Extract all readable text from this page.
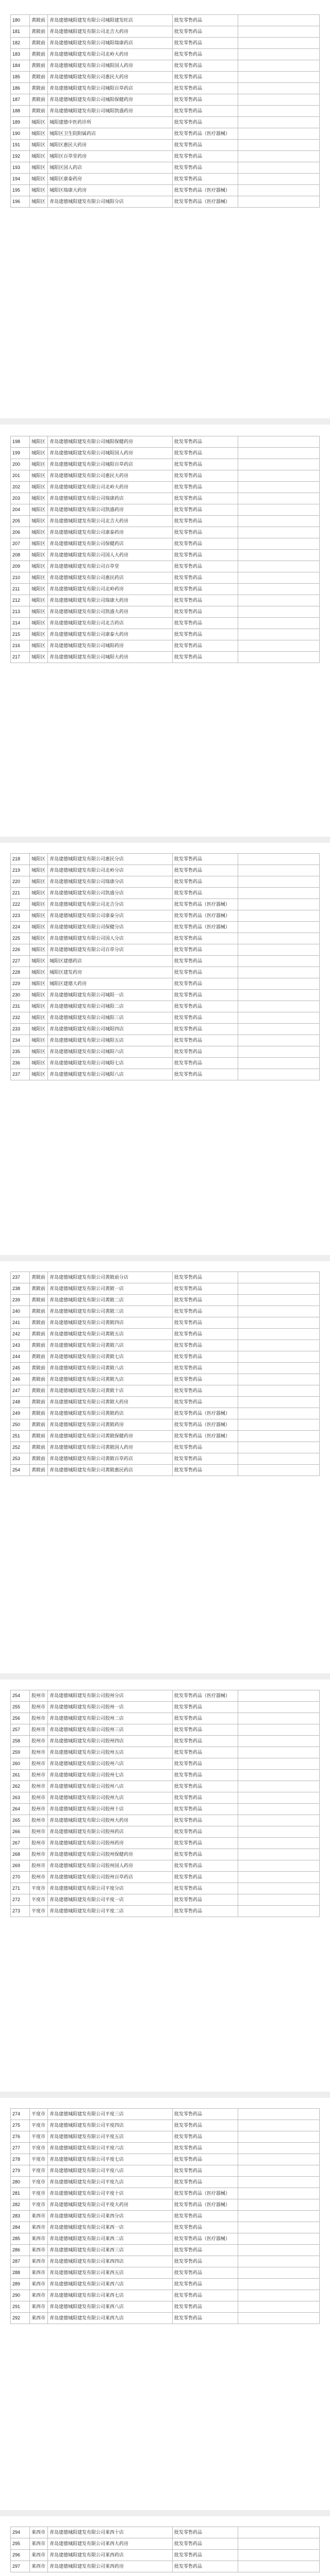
180	黄陂前	青岛建德城阳建发有限公司城阳建发旺店	批发零售药品	
181	黄陂前	青岛建德城阳建发有限公司北吉大药房	批发零售药品	
182	黄陂前	青岛建德城阳建发有限公司城阳瑞康药店	批发零售药品	
183	黄陂前	青岛建德城阳建发有限公司北岭大药房	批发零售药品	
184	黄陂前	青岛建德城阳建发有限公司城阳国人药房	批发零售药品	
185	黄陂前	青岛建德城阳建发有限公司惠民大药房	批发零售药品	
186	黄陂前	青岛建德城阳建发有限公司城阳百草药店	批发零售药品	
187	黄陂前	青岛建德城阳建发有限公司城阳保健药房	批发零售药品	
188	黄陂前	青岛建德城阳建发有限公司城阳凯盛药房	批发零售药品	
189	城阳区	城阳建德中医药诊所	批发零售药品	
190	城阳区	城阳区卫生院附属药店	批发零售药品（医疗器械）	
191	城阳区	城阳区惠民大药房	批发零售药品	
192	城阳区	城阳区百草堂药房	批发零售药品	
193	城阳区	城阳区国人药店	批发零售药品	
194	城阳区	城阳区康泰药房	批发零售药品	
195	城阳区	城阳区瑞康大药房	批发零售药品（医疗器械）	
196	城阳区	青岛建德城阳建发有限公司城阳分店	批发零售药品（医疗器械）	
198	城阳区	青岛建德城阳建发有限公司城阳保健药房	批发零售药品	
199	城阳区	青岛建德城阳建发有限公司城阳国人药房	批发零售药品	
200	城阳区	青岛建德城阳建发有限公司城阳百草药店	批发零售药品	
201	城阳区	青岛建德城阳建发有限公司惠民大药房	批发零售药品	
202	城阳区	青岛建德城阳建发有限公司北岭大药房	批发零售药品	
203	城阳区	青岛建德城阳建发有限公司瑞康药店	批发零售药品	
204	城阳区	青岛建德城阳建发有限公司凯盛药房	批发零售药品	
205	城阳区	青岛建德城阳建发有限公司北吉大药房	批发零售药品	
206	城阳区	青岛建德城阳建发有限公司康泰药房	批发零售药品	
207	城阳区	青岛建德城阳建发有限公司保健药店	批发零售药品	
208	城阳区	青岛建德城阳建发有限公司国人大药房	批发零售药品	
209	城阳区	青岛建德城阳建发有限公司百草堂	批发零售药品	
210	城阳区	青岛建德城阳建发有限公司惠民药店	批发零售药品	
211	城阳区	青岛建德城阳建发有限公司北岭药房	批发零售药品	
212	城阳区	青岛建德城阳建发有限公司瑞康大药房	批发零售药品	
213	城阳区	青岛建德城阳建发有限公司凯盛大药房	批发零售药品	
214	城阳区	青岛建德城阳建发有限公司北吉药店	批发零售药品	
215	城阳区	青岛建德城阳建发有限公司康泰大药房	批发零售药品	
216	城阳区	青岛建德城阳建发有限公司城阳药房	批发零售药品	
217	城阳区	青岛建德城阳建发有限公司城阳大药房	批发零售药品	
218	城阳区	青岛建德城阳建发有限公司惠民分店	批发零售药品	
219	城阳区	青岛建德城阳建发有限公司北岭分店	批发零售药品	
220	城阳区	青岛建德城阳建发有限公司瑞康分店	批发零售药品	
221	城阳区	青岛建德城阳建发有限公司凯盛分店	批发零售药品	
222	城阳区	青岛建德城阳建发有限公司北吉分店	批发零售药品（医疗器械）	
223	城阳区	青岛建德城阳建发有限公司康泰分店	批发零售药品（医疗器械）	
224	城阳区	青岛建德城阳建发有限公司保健分店	批发零售药品（医疗器械）	
225	城阳区	青岛建德城阳建发有限公司国人分店	批发零售药品	
226	城阳区	青岛建德城阳建发有限公司百草分店	批发零售药品	
227	城阳区	城阳区建德药店	批发零售药品	
228	城阳区	城阳区建发药房	批发零售药品	
229	城阳区	城阳区建德大药房	批发零售药品	
230	城阳区	青岛建德城阳建发有限公司城阳一店	批发零售药品	
231	城阳区	青岛建德城阳建发有限公司城阳二店	批发零售药品	
232	城阳区	青岛建德城阳建发有限公司城阳三店	批发零售药品	
233	城阳区	青岛建德城阳建发有限公司城阳四店	批发零售药品	
234	城阳区	青岛建德城阳建发有限公司城阳五店	批发零售药品	
235	城阳区	青岛建德城阳建发有限公司城阳六店	批发零售药品	
236	城阳区	青岛建德城阳建发有限公司城阳七店	批发零售药品	
237	城阳区	青岛建德城阳建发有限公司城阳八店	批发零售药品	
237	黄陂前	青岛建德城阳建发有限公司黄陂前分店	批发零售药品	
238	黄陂前	青岛建德城阳建发有限公司黄陂一店	批发零售药品	
239	黄陂前	青岛建德城阳建发有限公司黄陂二店	批发零售药品	
240	黄陂前	青岛建德城阳建发有限公司黄陂三店	批发零售药品	
241	黄陂前	青岛建德城阳建发有限公司黄陂四店	批发零售药品	
242	黄陂前	青岛建德城阳建发有限公司黄陂五店	批发零售药品	
243	黄陂前	青岛建德城阳建发有限公司黄陂六店	批发零售药品	
244	黄陂前	青岛建德城阳建发有限公司黄陂七店	批发零售药品	
245	黄陂前	青岛建德城阳建发有限公司黄陂八店	批发零售药品	
246	黄陂前	青岛建德城阳建发有限公司黄陂九店	批发零售药品	
247	黄陂前	青岛建德城阳建发有限公司黄陂十店	批发零售药品	
248	黄陂前	青岛建德城阳建发有限公司黄陂大药房	批发零售药品	
249	黄陂前	青岛建德城阳建发有限公司黄陂药店	批发零售药品（医疗器械）	
250	黄陂前	青岛建德城阳建发有限公司黄陂药房	批发零售药品（医疗器械）	
251	黄陂前	青岛建德城阳建发有限公司黄陂保健药房	批发零售药品（医疗器械）	
252	黄陂前	青岛建德城阳建发有限公司黄陂国人药房	批发零售药品	
253	黄陂前	青岛建德城阳建发有限公司黄陂百草药店	批发零售药品	
254	黄陂前	青岛建德城阳建发有限公司黄陂惠民药店	批发零售药品	
254	胶州市	青岛建德城阳建发有限公司胶州分店	批发零售药品（医疗器械）	
255	胶州市	青岛建德城阳建发有限公司胶州一店	批发零售药品	
256	胶州市	青岛建德城阳建发有限公司胶州二店	批发零售药品	
257	胶州市	青岛建德城阳建发有限公司胶州三店	批发零售药品	
258	胶州市	青岛建德城阳建发有限公司胶州四店	批发零售药品	
259	胶州市	青岛建德城阳建发有限公司胶州五店	批发零售药品	
260	胶州市	青岛建德城阳建发有限公司胶州六店	批发零售药品	
261	胶州市	青岛建德城阳建发有限公司胶州七店	批发零售药品	
262	胶州市	青岛建德城阳建发有限公司胶州八店	批发零售药品	
263	胶州市	青岛建德城阳建发有限公司胶州九店	批发零售药品	
264	胶州市	青岛建德城阳建发有限公司胶州十店	批发零售药品	
265	胶州市	青岛建德城阳建发有限公司胶州大药房	批发零售药品	
266	胶州市	青岛建德城阳建发有限公司胶州药店	批发零售药品	
267	胶州市	青岛建德城阳建发有限公司胶州药房	批发零售药品	
268	胶州市	青岛建德城阳建发有限公司胶州保健药房	批发零售药品	
269	胶州市	青岛建德城阳建发有限公司胶州国人药房	批发零售药品	
270	胶州市	青岛建德城阳建发有限公司胶州百草药店	批发零售药品	
271	平度市	青岛建德城阳建发有限公司平度分店	批发零售药品	
272	平度市	青岛建德城阳建发有限公司平度一店	批发零售药品	
273	平度市	青岛建德城阳建发有限公司平度二店	批发零售药品	
274	平度市	青岛建德城阳建发有限公司平度三店	批发零售药品	
275	平度市	青岛建德城阳建发有限公司平度四店	批发零售药品	
276	平度市	青岛建德城阳建发有限公司平度五店	批发零售药品	
277	平度市	青岛建德城阳建发有限公司平度六店	批发零售药品	
278	平度市	青岛建德城阳建发有限公司平度七店	批发零售药品	
279	平度市	青岛建德城阳建发有限公司平度八店	批发零售药品	
280	平度市	青岛建德城阳建发有限公司平度九店	批发零售药品	
281	平度市	青岛建德城阳建发有限公司平度十店	批发零售药品（医疗器械）	
282	平度市	青岛建德城阳建发有限公司平度大药房	批发零售药品（医疗器械）	
283	莱西市	青岛建德城阳建发有限公司莱西分店	批发零售药品	
284	莱西市	青岛建德城阳建发有限公司莱西一店	批发零售药品	
285	莱西市	青岛建德城阳建发有限公司莱西二店	批发零售药品（医疗器械）	
286	莱西市	青岛建德城阳建发有限公司莱西三店	批发零售药品	
287	莱西市	青岛建德城阳建发有限公司莱西四店	批发零售药品	
288	莱西市	青岛建德城阳建发有限公司莱西五店	批发零售药品	
289	莱西市	青岛建德城阳建发有限公司莱西六店	批发零售药品	
290	莱西市	青岛建德城阳建发有限公司莱西七店	批发零售药品	
291	莱西市	青岛建德城阳建发有限公司莱西八店	批发零售药品	
292	莱西市	青岛建德城阳建发有限公司莱西九店	批发零售药品	
294	莱西市	青岛建德城阳建发有限公司莱西十店	批发零售药品	
295	莱西市	青岛建德城阳建发有限公司莱西大药房	批发零售药品	
296	莱西市	青岛建德城阳建发有限公司莱西药店	批发零售药品	
297	莱西市	青岛建德城阳建发有限公司莱西药房	批发零售药品	
